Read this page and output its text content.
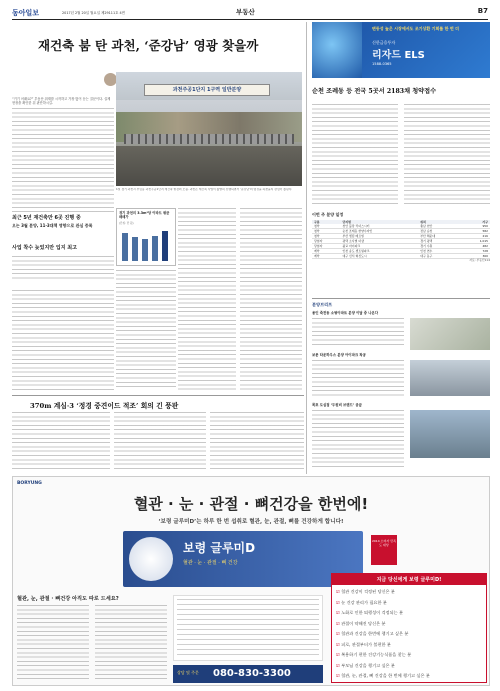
동아일보	2017년 2월 20일 월요일 제29111호 4면	부동산	B7
재건축 붐 탄 과천, ‘준강남’ 영광 찾을까
“거기 어때요?” 부동산 취재를 시작하고 가장 많이 듣는 질문이다. 실제 현장을 확인한 뒤 판단하시길.
과천주공1단지 1구역 일반분양
1일 경기 과천시 부림동 과천주공1단지 재건축 현장의 모습. 과천은 재건축 사업이 활발히 진행되면서 ‘준강남’의 명성을 되찾을지 관심이 쏠린다.
최근 5년 재건축만 6곳 진행 중
오는 3월 분양, 11·3대책 영향으로 관심 증폭
사업 착수 늦었지만 입지 최고
경기 과천의 3.3m²당 아파트 평균 매매가
(단위: 만 원)
370m 계심·3 ‘정경 중견이드 적조’ 회의 긴 풍판
변동성 높은 시장에서도 조기상환 기회를 한 번 더
신한금융투자
리자드 ELS
1588-0365
순천 조례동 등 전국 5곳서 2183채 청약접수
이번 주 분양 일정
구분	단지명	위치	가구
청약	천안 불당 리더스시티	충남 천안	950
청약	순천 조례동 한양수자인	전남 순천	582
청약	부산 센텀 베르빌	부산 해운대	216
당첨자	평택 소사벌 더샵	경기 평택	1,015
당첨자	광교 아이파크	경기 수원	482
계약	인천 송도 센트럴파크	인천 연수	728
계약	대구 신서 혁신도시	대구 동구	360
자료: 부동산114
분양브리프
용인 죽전동 소형아파트 분양 이달 중 나온다
보문 타운하우스 분양 아이파크 착공
목포 도심점 ‘두원비 브랜드’ 공급
BORYUNG
혈관 · 눈 · 관절 · 뼈건강을 한번에!
‘보령 글루미D’는 하루 한 번 섭취로 혈관, 눈, 관절, 뼈를 건강하게 합니다!
보령 글루미D
혈관 · 눈 · 관절 · 뼈 건강
2014 소비자 만족도 대상
혈관, 눈, 관절 · 뼈건강 아직도 따로 드세요?
상담 및 주문 080-830-3300
지금 당신에게 보령 글루미D!
☑ 혈관 건강이 걱정된 당신은 분
☑ 눈 건강 관리가 필요한 분
☑ 노화로 인한 퇴행성이 걱정되는 분
☑ 관절이 약해진 당신은 분
☑ 혈관과 건강을 한번에 챙기고 싶은 분
☑ 피로, 관절부터가 불편한 분
☑ 복용하기 편한 건강기능식품을 찾는 분
☑ 부모님 건강을 챙기고 싶은 분
☑ 혈관, 눈, 관절, 뼈 건강을 한 번에 챙기고 싶은 분
